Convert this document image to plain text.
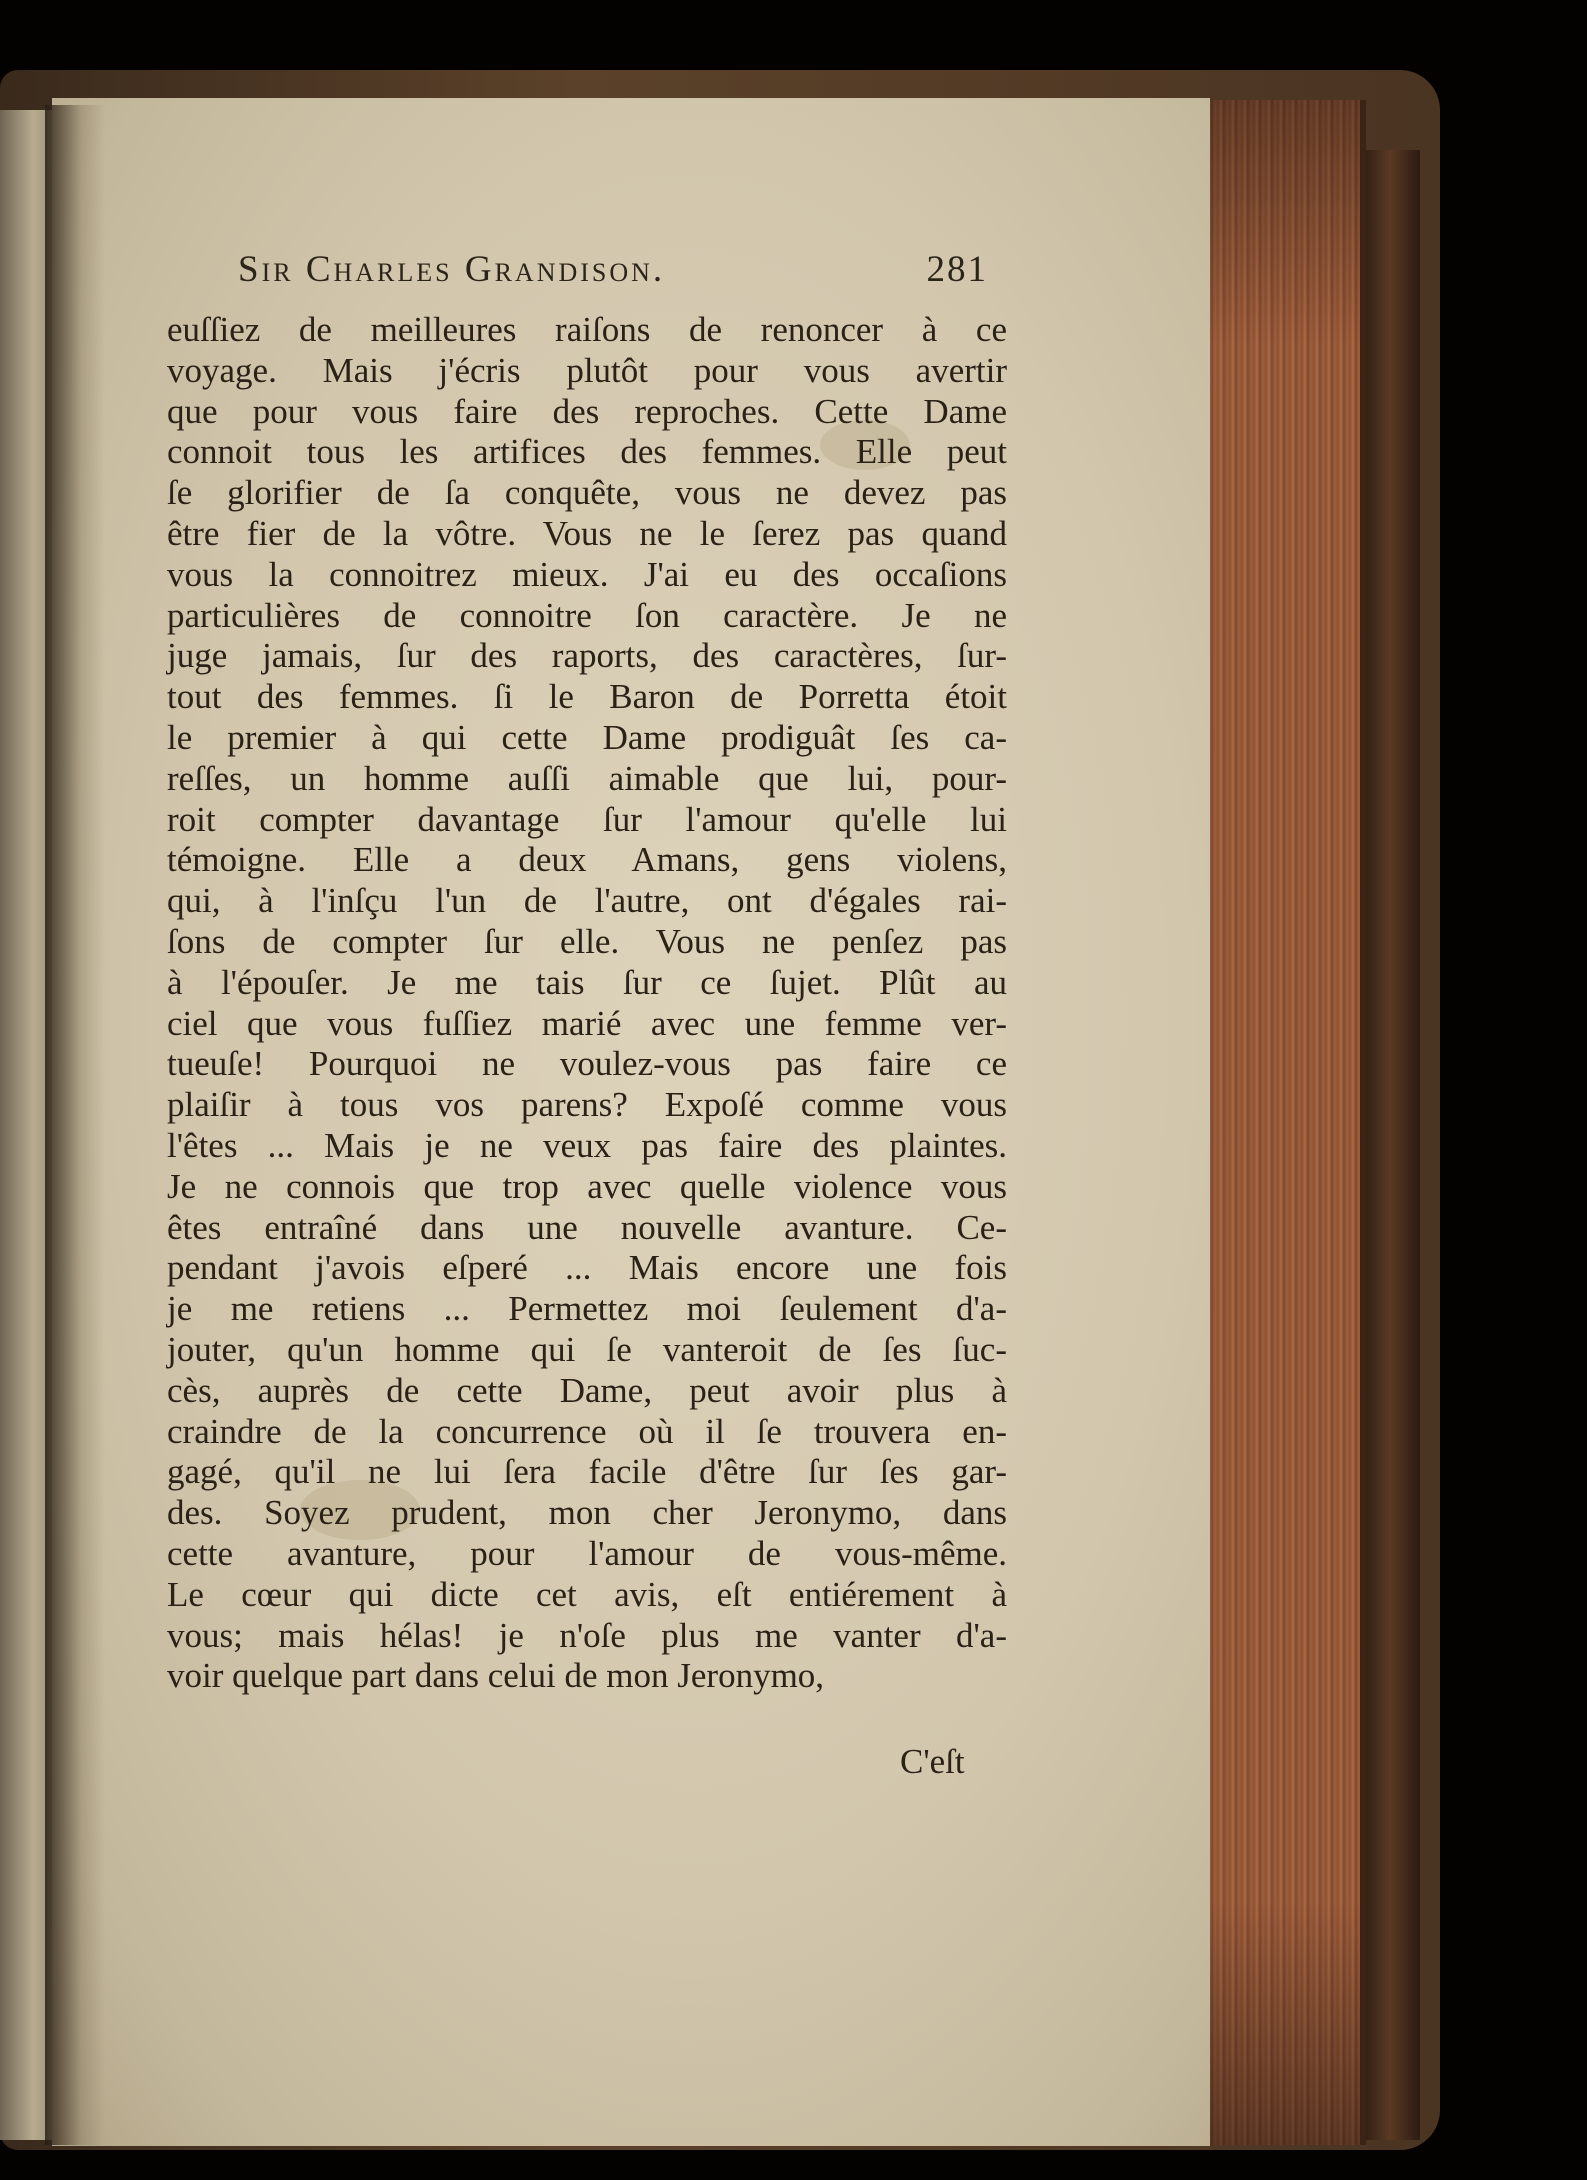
Sir Charles Grandison.	281
euſſiez de meilleures raiſons de renoncer à ce
voyage. Mais j'écris plutôt pour vous avertir
que pour vous faire des reproches. Cette Dame
connoit tous les artifices des femmes. Elle peut
ſe glorifier de ſa conquête, vous ne devez pas
être fier de la vôtre. Vous ne le ſerez pas quand
vous la connoitrez mieux. J'ai eu des occaſions
particulières de connoitre ſon caractère. Je ne
juge jamais, ſur des raports, des caractères, ſur-
tout des femmes. ſi le Baron de Porretta étoit
le premier à qui cette Dame prodiguât ſes ca-
reſſes, un homme auſſi aimable que lui, pour-
roit compter davantage ſur l'amour qu'elle lui
témoigne. Elle a deux Amans, gens violens,
qui, à l'inſçu l'un de l'autre, ont d'égales rai-
ſons de compter ſur elle. Vous ne penſez pas
à l'épouſer. Je me tais ſur ce ſujet. Plût au
ciel que vous fuſſiez marié avec une femme ver-
tueuſe! Pourquoi ne voulez-vous pas faire ce
plaiſir à tous vos parens? Expoſé comme vous
l'êtes ... Mais je ne veux pas faire des plaintes.
Je ne connois que trop avec quelle violence vous
êtes entraîné dans une nouvelle avanture. Ce-
pendant j'avois eſperé ... Mais encore une fois
je me retiens ... Permettez moi ſeulement d'a-
jouter, qu'un homme qui ſe vanteroit de ſes ſuc-
cès, auprès de cette Dame, peut avoir plus à
craindre de la concurrence où il ſe trouvera en-
gagé, qu'il ne lui ſera facile d'être ſur ſes gar-
des. Soyez prudent, mon cher Jeronymo, dans
cette avanture, pour l'amour de vous-même.
Le cœur qui dicte cet avis, eſt entiérement à
vous; mais hélas! je n'oſe plus me vanter d'a-
voir quelque part dans celui de mon Jeronymo,
C'eſt
